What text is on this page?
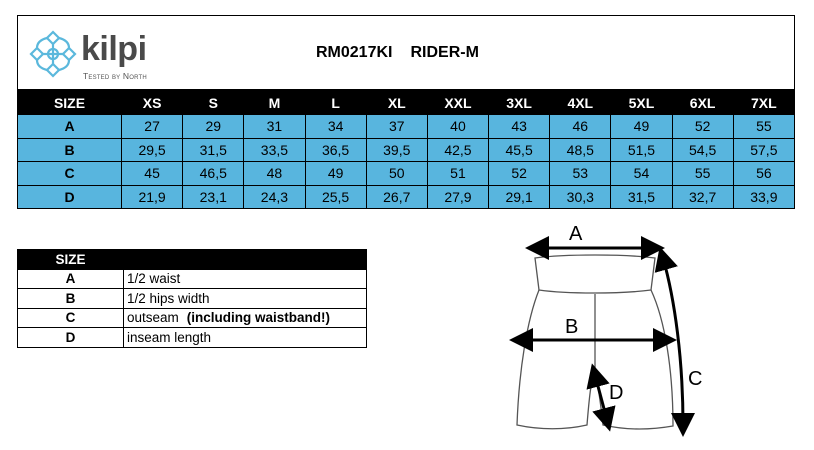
kilpi
Tested by North
RM0217KI RIDER-M
SIZE	XS	S	M	L	XL	XXL	3XL	4XL	5XL	6XL	7XL
A	27	29	31	34	37	40	43	46	49	52	55
B	29,5	31,5	33,5	36,5	39,5	42,5	45,5	48,5	51,5	54,5	57,5
C	45	46,5	48	49	50	51	52	53	54	55	56
D	21,9	23,1	24,3	25,5	26,7	27,9	29,1	30,3	31,5	32,7	33,9
SIZE	
A	1/2 waist
B	1/2 hips width
C	outseam (including waistband!)
D	inseam length
A
B
C
D
